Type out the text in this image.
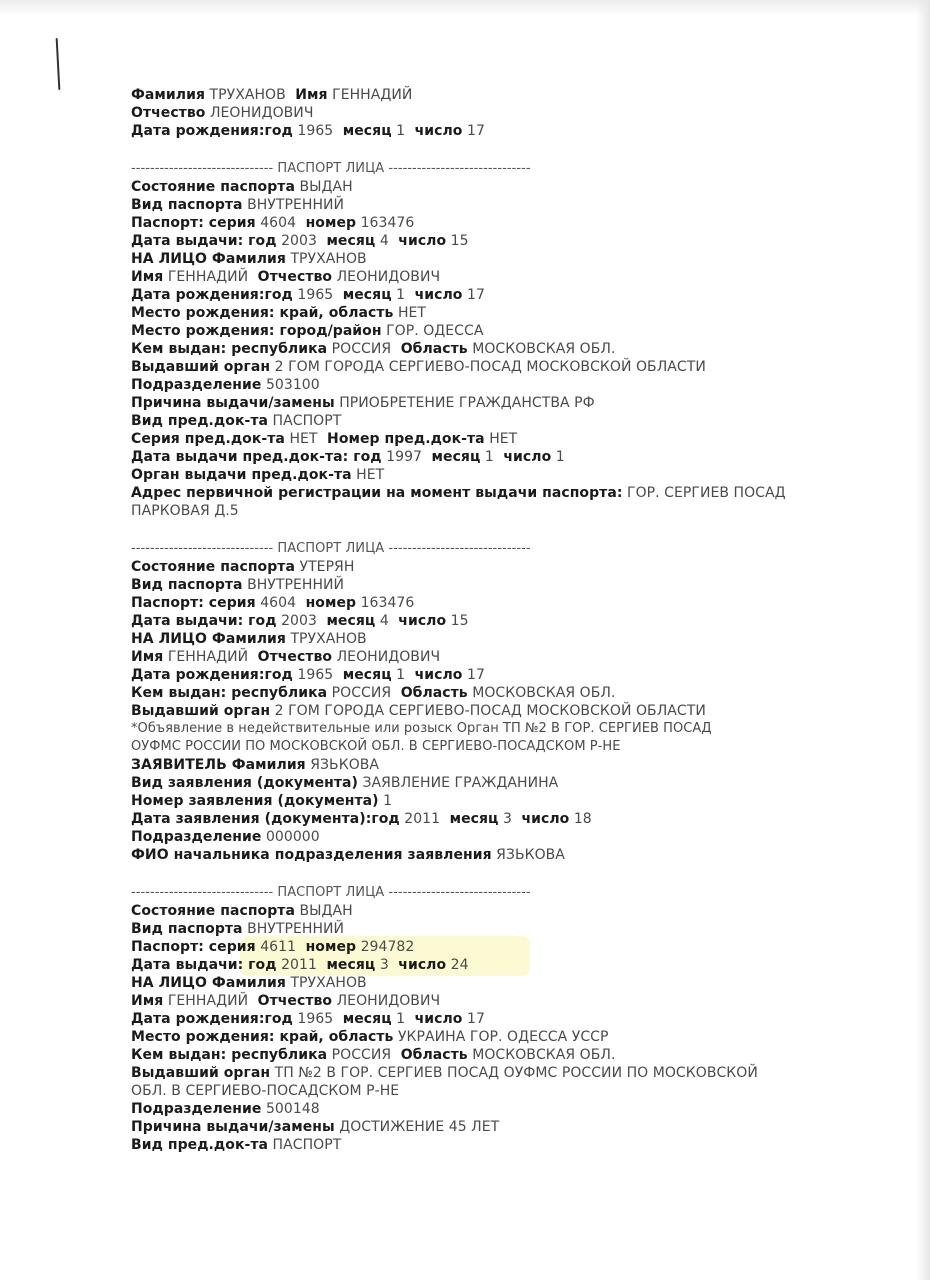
Фамилия ТРУХАНОВ Имя ГЕННАДИЙ
Отчество ЛЕОНИДОВИЧ
Дата рождения:год 1965 месяц 1 число 17
------------------------------ ПАСПОРТ ЛИЦА ------------------------------
Состояние паспорта ВЫДАН
Вид паспорта ВНУТРЕННИЙ
Паспорт: серия 4604 номер 163476
Дата выдачи: год 2003 месяц 4 число 15
НА ЛИЦО Фамилия ТРУХАНОВ
Имя ГЕННАДИЙ Отчество ЛЕОНИДОВИЧ
Дата рождения:год 1965 месяц 1 число 17
Место рождения: край, область НЕТ
Место рождения: город/район ГОР. ОДЕССА
Кем выдан: республика РОССИЯ Область МОСКОВСКАЯ ОБЛ.
Выдавший орган 2 ГОМ ГОРОДА СЕРГИЕВО-ПОСАД МОСКОВСКОЙ ОБЛАСТИ
Подразделение 503100
Причина выдачи/замены ПРИОБРЕТЕНИЕ ГРАЖДАНСТВА РФ
Вид пред.док-та ПАСПОРТ
Серия пред.док-та НЕТ Номер пред.док-та НЕТ
Дата выдачи пред.док-та: год 1997 месяц 1 число 1
Орган выдачи пред.док-та НЕТ
Адрес первичной регистрации на момент выдачи паспорта: ГОР. СЕРГИЕВ ПОСАД
ПАРКОВАЯ Д.5
------------------------------ ПАСПОРТ ЛИЦА ------------------------------
Состояние паспорта УТЕРЯН
Вид паспорта ВНУТРЕННИЙ
Паспорт: серия 4604 номер 163476
Дата выдачи: год 2003 месяц 4 число 15
НА ЛИЦО Фамилия ТРУХАНОВ
Имя ГЕННАДИЙ Отчество ЛЕОНИДОВИЧ
Дата рождения:год 1965 месяц 1 число 17
Кем выдан: республика РОССИЯ Область МОСКОВСКАЯ ОБЛ.
Выдавший орган 2 ГОМ ГОРОДА СЕРГИЕВО-ПОСАД МОСКОВСКОЙ ОБЛАСТИ
*Объявление в недействительные или розыск Орган ТП №2 В ГОР. СЕРГИЕВ ПОСАД
ОУФМС РОССИИ ПО МОСКОВСКОЙ ОБЛ. В СЕРГИЕВО-ПОСАДСКОМ Р-НЕ
ЗАЯВИТЕЛЬ Фамилия ЯЗЬКОВА
Вид заявления (документа) ЗАЯВЛЕНИЕ ГРАЖДАНИНА
Номер заявления (документа) 1
Дата заявления (документа):год 2011 месяц 3 число 18
Подразделение 000000
ФИО начальника подразделения заявления ЯЗЬКОВА
------------------------------ ПАСПОРТ ЛИЦА ------------------------------
Состояние паспорта ВЫДАН
Вид паспорта ВНУТРЕННИЙ
Паспорт: серия 4611 номер 294782
Дата выдачи: год 2011 месяц 3 число 24
НА ЛИЦО Фамилия ТРУХАНОВ
Имя ГЕННАДИЙ Отчество ЛЕОНИДОВИЧ
Дата рождения:год 1965 месяц 1 число 17
Место рождения: край, область УКРАИНА ГОР. ОДЕССА УССР
Кем выдан: республика РОССИЯ Область МОСКОВСКАЯ ОБЛ.
Выдавший орган ТП №2 В ГОР. СЕРГИЕВ ПОСАД ОУФМС РОССИИ ПО МОСКОВСКОЙ
ОБЛ. В СЕРГИЕВО-ПОСАДСКОМ Р-НЕ
Подразделение 500148
Причина выдачи/замены ДОСТИЖЕНИЕ 45 ЛЕТ
Вид пред.док-та ПАСПОРТ
